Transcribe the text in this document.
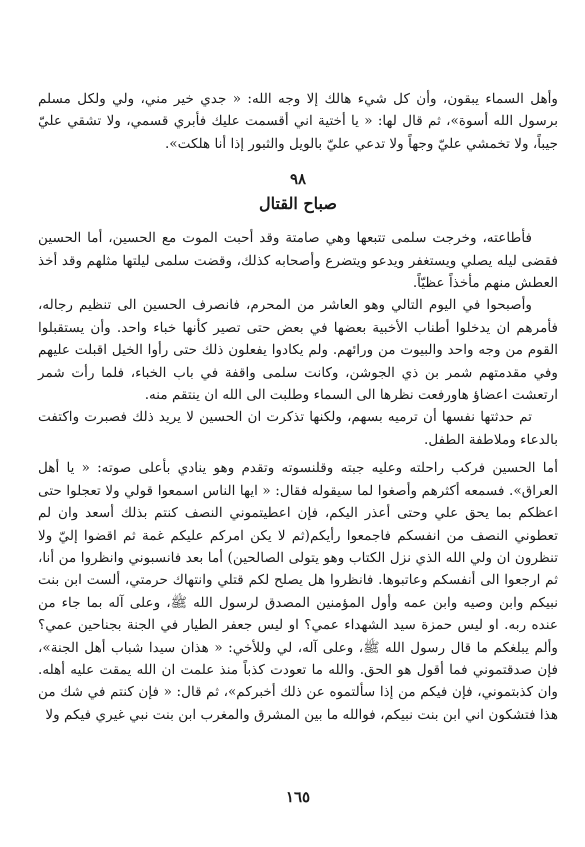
وأهل السماء يبقون، وأن كل شيء هالك إلا وجه الله: « جدي خير مني، ولي ولكل مسلم برسول الله أسوة»، ثم قال لها: « يا أختية اني أقسمت عليك فأبري قسمي، ولا تشقي عليّ جيباً، ولا تخمشي عليّ وجهاً ولا تدعي عليّ بالويل والثبور إذا أنا هلكت».

٩٨
صباح القتال

فأطاعته، وخرجت سلمى تتبعها وهي صامتة وقد أحبت الموت مع الحسين، أما الحسين فقضى ليله يصلي ويستغفر ويدعو ويتضرع وأصحابه كذلك، وقضت سلمى ليلتها مثلهم وقد أخذ العطش منهم مأخذاً عظيّاً.

وأصبحوا في اليوم التالي وهو العاشر من المحرم، فانصرف الحسين الى تنظيم رجاله، فأمرهم ان يدخلوا أطناب الأخبية بعضها في بعض حتى تصير كأنها خباء واحد. وأن يستقبلوا القوم من وجه واحد والبيوت من ورائهم. ولم يكادوا يفعلون ذلك حتى رأوا الخيل اقبلت عليهم وفي مقدمتهم شمر بن ذي الجوشن، وكانت سلمى واقفة في باب الخباء، فلما رأت شمر ارتعشت اعضاؤ هاورفعت نظرها الى السماء وطلبت الى الله ان ينتقم منه.

تم حدثتها نفسها أن ترميه بسهم، ولكنها تذكرت ان الحسين لا يريد ذلك فصبرت واكتفت بالدعاء وملاطفة الطفل.

أما الحسين فركب راحلته وعليه جبته وقلنسوته وتقدم وهو ينادي بأعلى صوته: « يا أهل العراق». فسمعه أكثرهم وأصغوا لما سيقوله فقال: « ايها الناس اسمعوا قولي ولا تعجلوا حتى اعظكم بما يحق علي وحتى أعذر اليكم، فإن اعطيتموني النصف كنتم بذلك أسعد وان لم تعطوني النصف من انفسكم فاجمعوا رأيكم(ثم لا يكن امركم عليكم غمة ثم اقضوا إليّ ولا تنظرون ان ولي الله الذي نزل الكتاب وهو يتولى الصالحين) أما بعد فانسبوني وانظروا من أنا، ثم ارجعوا الى أنفسكم وعاتبوها. فانظروا هل يصلح لكم قتلي وانتهاك حرمتي، ألست ابن بنت نبيكم وابن وصيه وابن عمه وأول المؤمنين المصدق لرسول الله ﷺ، وعلى آله بما جاء من عنده ربه. او ليس حمزة سيد الشهداء عمي؟ او ليس جعفر الطيار في الجنة بجناحين عمي؟ وألم يبلغكم ما قال رسول الله ﷺ، وعلى آله، لي وللأخي: « هذان سيدا شباب أهل الجنة»، فإن صدقتموني فما أقول هو الحق. والله ما تعودت كذباً منذ علمت ان الله يمقت عليه أهله. وان كذبتموني، فإن فيكم من إذا سألتموه عن ذلك أخبركم»، ثم قال: « فإن كنتم في شك من هذا فتشكون اني ابن بنت نبيكم، فوالله ما بين المشرق والمغرب ابن بنت نبي غيري فيكم ولا

١٦٥
